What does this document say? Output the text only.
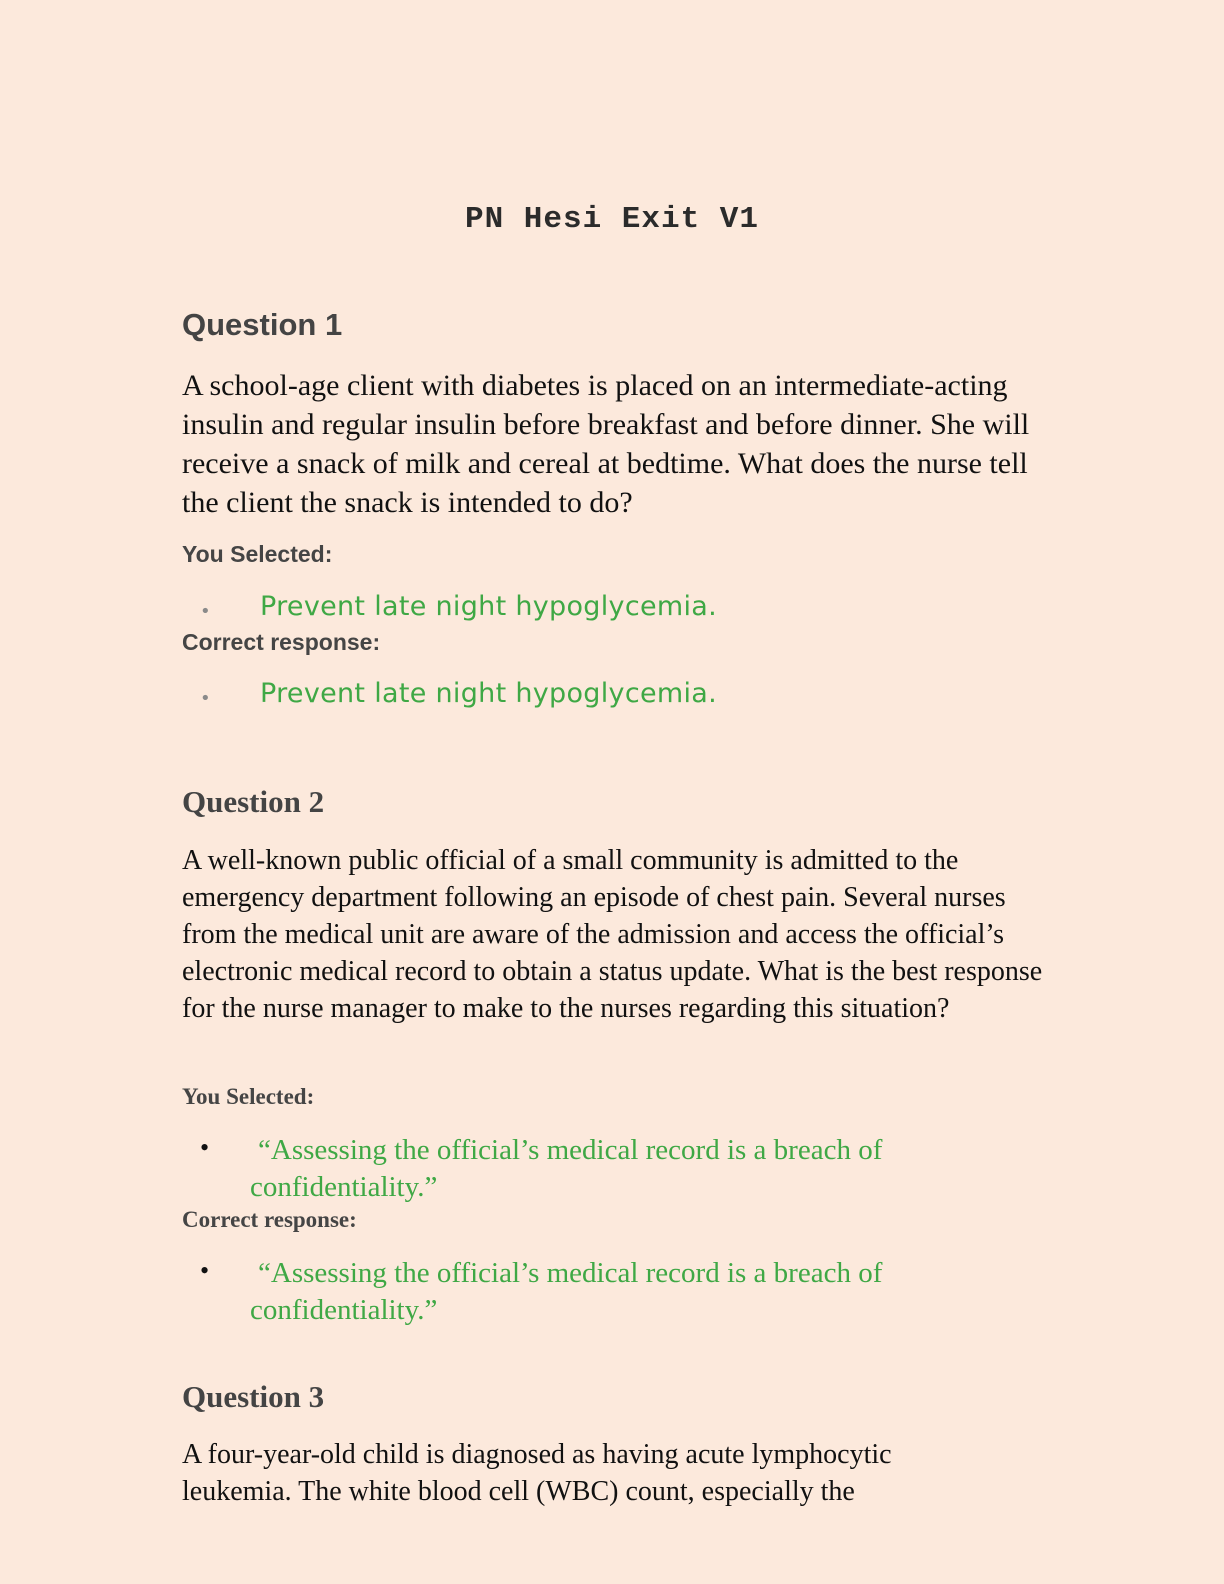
PN Hesi Exit V1
Question 1

A school-age client with diabetes is placed on an intermediate-acting insulin and regular insulin before breakfast and before dinner. She will receive a snack of milk and cereal at bedtime. What does the nurse tell the client the snack is intended to do?

You Selected:

• Prevent late night hypoglycemia.

Correct response:

• Prevent late night hypoglycemia.

Question 2

A well-known public official of a small community is admitted to the emergency department following an episode of chest pain. Several nurses from the medical unit are aware of the admission and access the official’s electronic medical record to obtain a status update. What is the best response for the nurse manager to make to the nurses regarding this situation?

You Selected:

• “Assessing the official’s medical record is a breach of confidentiality.”

Correct response:

• “Assessing the official’s medical record is a breach of confidentiality.”

Question 3

A four-year-old child is diagnosed as having acute lymphocytic leukemia. The white blood cell (WBC) count, especially the
